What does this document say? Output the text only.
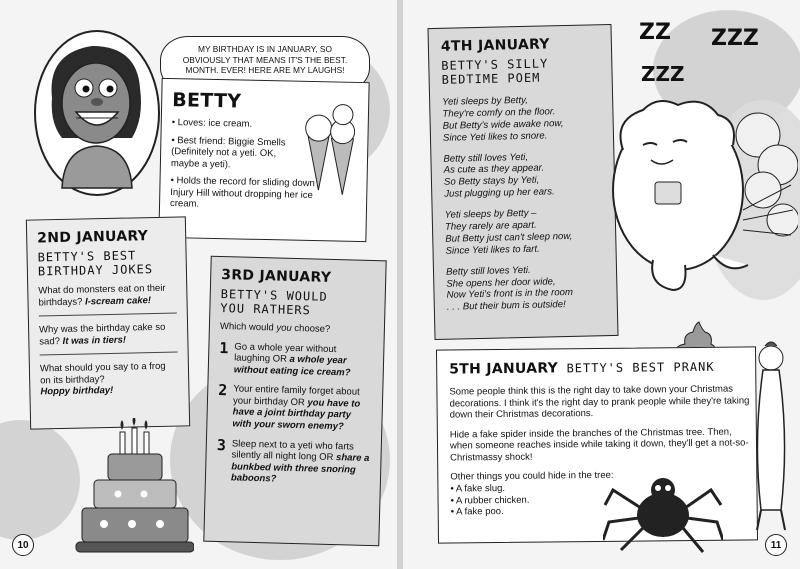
MY BIRTHDAY IS IN JANUARY, SO OBVIOUSLY THAT MEANS IT'S THE BEST. MONTH. EVER! HERE ARE MY LAUGHS!
BETTY
• Loves: ice cream.
• Best friend: Biggie Smells (Definitely not a yeti. OK, maybe a yeti).
• Holds the record for sliding down Injury Hill without dropping her ice cream.
2ND JANUARY
BETTY'S BEST
BIRTHDAY JOKES
What do monsters eat on their birthdays? I-scream cake!
Why was the birthday cake so sad? It was in tiers!
What should you say to a frog on its birthday?
Hoppy birthday!
3RD JANUARY
BETTY'S WOULD
YOU RATHERS
Which would you choose?
1 Go a whole year without laughing OR a whole year without eating ice cream?
2 Your entire family forget about your birthday OR you have to have a joint birthday party with your sworn enemy?
3 Sleep next to a yeti who farts silently all night long OR share a bunkbed with three snoring baboons?
10
4TH JANUARY
BETTY'S SILLY
BEDTIME POEM

Yeti sleeps by Betty,
They're comfy on the floor.
But Betty's wide awake now,
Since Yeti likes to snore.

Betty still loves Yeti,
As cute as they appear.
So Betty stays by Yeti,
Just plugging up her ears.

Yeti sleeps by Betty –
They rarely are apart.
But Betty just can't sleep now,
Since Yeti likes to fart.

Betty still loves Yeti.
She opens her door wide,
Now Yeti's front is in the room
. . . But their bum is outside!

ZZ ZZZ
ZZZ
5TH JANUARY BETTY'S BEST PRANK
Some people think this is the right day to take down your Christmas decorations. I think it's the right day to prank people while they're taking down their Christmas decorations.
Hide a fake spider inside the branches of the Christmas tree. Then, when someone reaches inside while taking it down, they'll get a not-so-Christmassy shock!
Other things you could hide in the tree:
• A fake slug.
• A rubber chicken.
• A fake poo.
11
